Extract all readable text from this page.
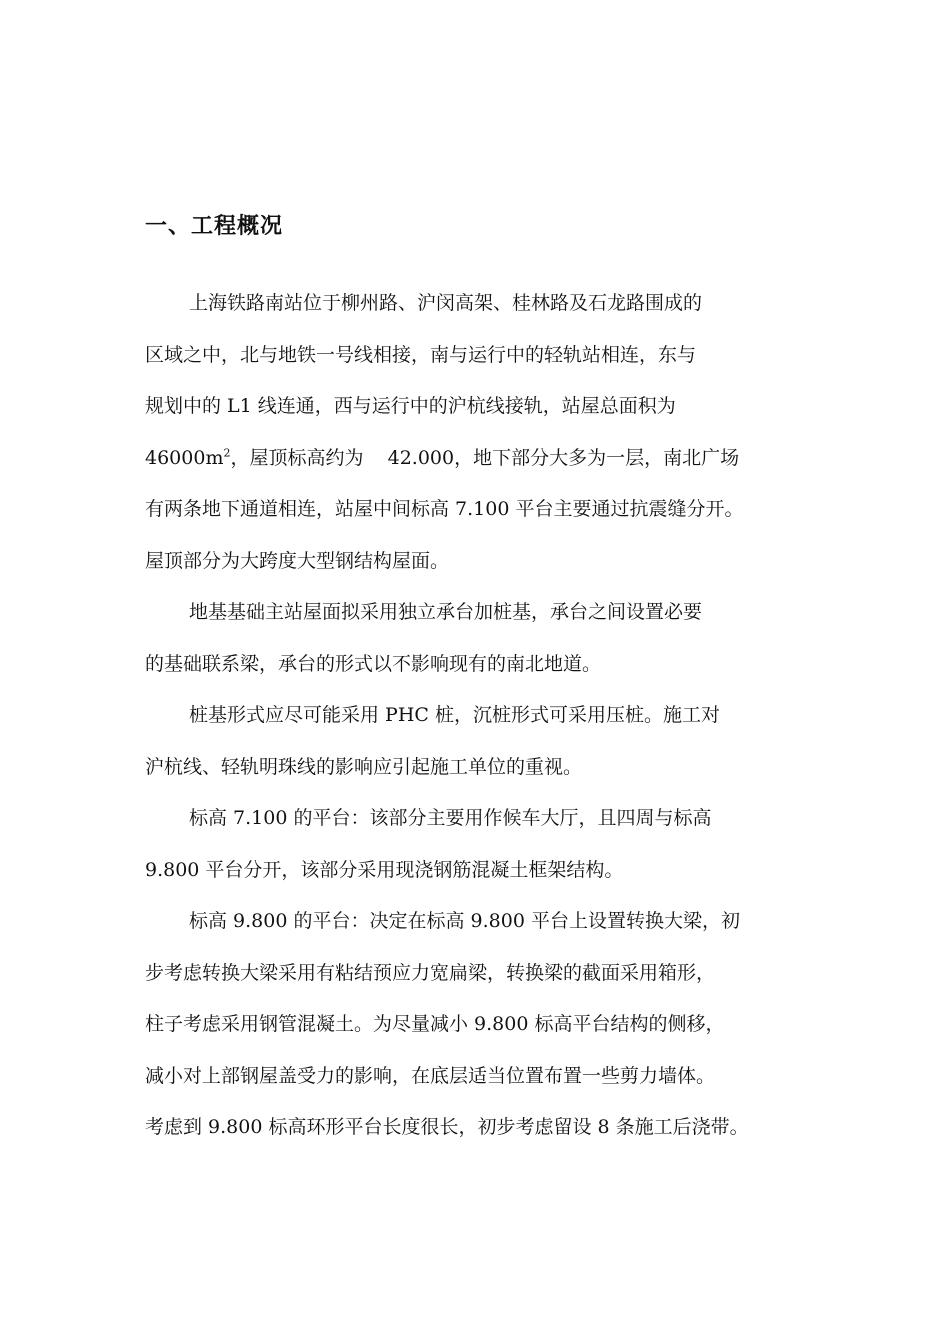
一、工程概况

上海铁路南站位于柳州路、沪闵高架、桂林路及石龙路围成的
区域之中，北与地铁一号线相接，南与运行中的轻轨站相连，东与
规划中的 L1 线连通，西与运行中的沪杭线接轨，站屋总面积为
$46000m^2$，屋顶标高约为    42.000，地下部分大多为一层，南北广场
有两条地下通道相连，站屋中间标高 7.100 平台主要通过抗震缝分开。
屋顶部分为大跨度大型钢结构屋面。

地基基础主站屋面拟采用独立承台加桩基，承台之间设置必要
的基础联系梁，承台的形式以不影响现有的南北地道。

桩基形式应尽可能采用 PHC 桩，沉桩形式可采用压桩。施工对
沪杭线、轻轨明珠线的影响应引起施工单位的重视。

标高 7.100 的平台：该部分主要用作候车大厅，且四周与标高
9.800 平台分开，该部分采用现浇钢筋混凝土框架结构。

标高 9.800 的平台：决定在标高 9.800 平台上设置转换大梁，初
步考虑转换大梁采用有粘结预应力宽扁梁，转换梁的截面采用箱形，
柱子考虑采用钢管混凝土。为尽量减小 9.800 标高平台结构的侧移，
减小对上部钢屋盖受力的影响，在底层适当位置布置一些剪力墙体。
考虑到 9.800 标高环形平台长度很长，初步考虑留设 8 条施工后浇带。
